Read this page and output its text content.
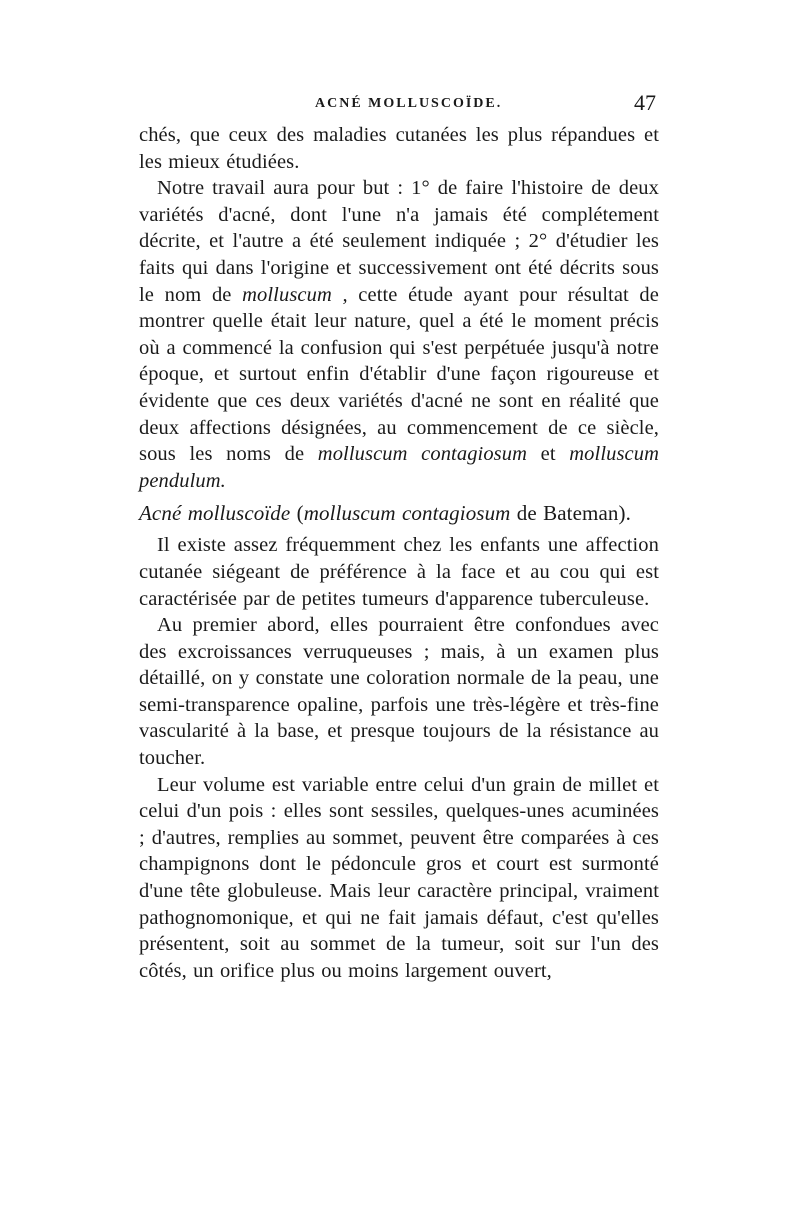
ACNÉ MOLLUSCOÏDE.	47

chés, que ceux des maladies cutanées les plus répandues et les mieux étudiées.

Notre travail aura pour but : 1° de faire l'histoire de deux variétés d'acné, dont l'une n'a jamais été complétement décrite, et l'autre a été seulement indiquée ; 2° d'étudier les faits qui dans l'origine et successivement ont été décrits sous le nom de molluscum , cette étude ayant pour résultat de montrer quelle était leur nature, quel a été le moment précis où a commencé la confusion qui s'est perpétuée jusqu'à notre époque, et surtout enfin d'établir d'une façon rigoureuse et évidente que ces deux variétés d'acné ne sont en réalité que deux affections désignées, au commencement de ce siècle, sous les noms de molluscum contagiosum et molluscum pendulum.

Acné molluscoïde (molluscum contagiosum de Bateman).

Il existe assez fréquemment chez les enfants une affection cutanée siégeant de préférence à la face et au cou qui est caractérisée par de petites tumeurs d'apparence tuberculeuse.

Au premier abord, elles pourraient être confondues avec des excroissances verruqueuses ; mais, à un examen plus détaillé, on y constate une coloration normale de la peau, une semi-transparence opaline, parfois une très-légère et très-fine vascularité à la base, et presque toujours de la résistance au toucher.

Leur volume est variable entre celui d'un grain de millet et celui d'un pois : elles sont sessiles, quelques-unes acuminées ; d'autres, remplies au sommet, peuvent être comparées à ces champignons dont le pédoncule gros et court est surmonté d'une tête globuleuse. Mais leur caractère principal, vraiment pathognomonique, et qui ne fait jamais défaut, c'est qu'elles présentent, soit au sommet de la tumeur, soit sur l'un des côtés, un orifice plus ou moins largement ouvert,
